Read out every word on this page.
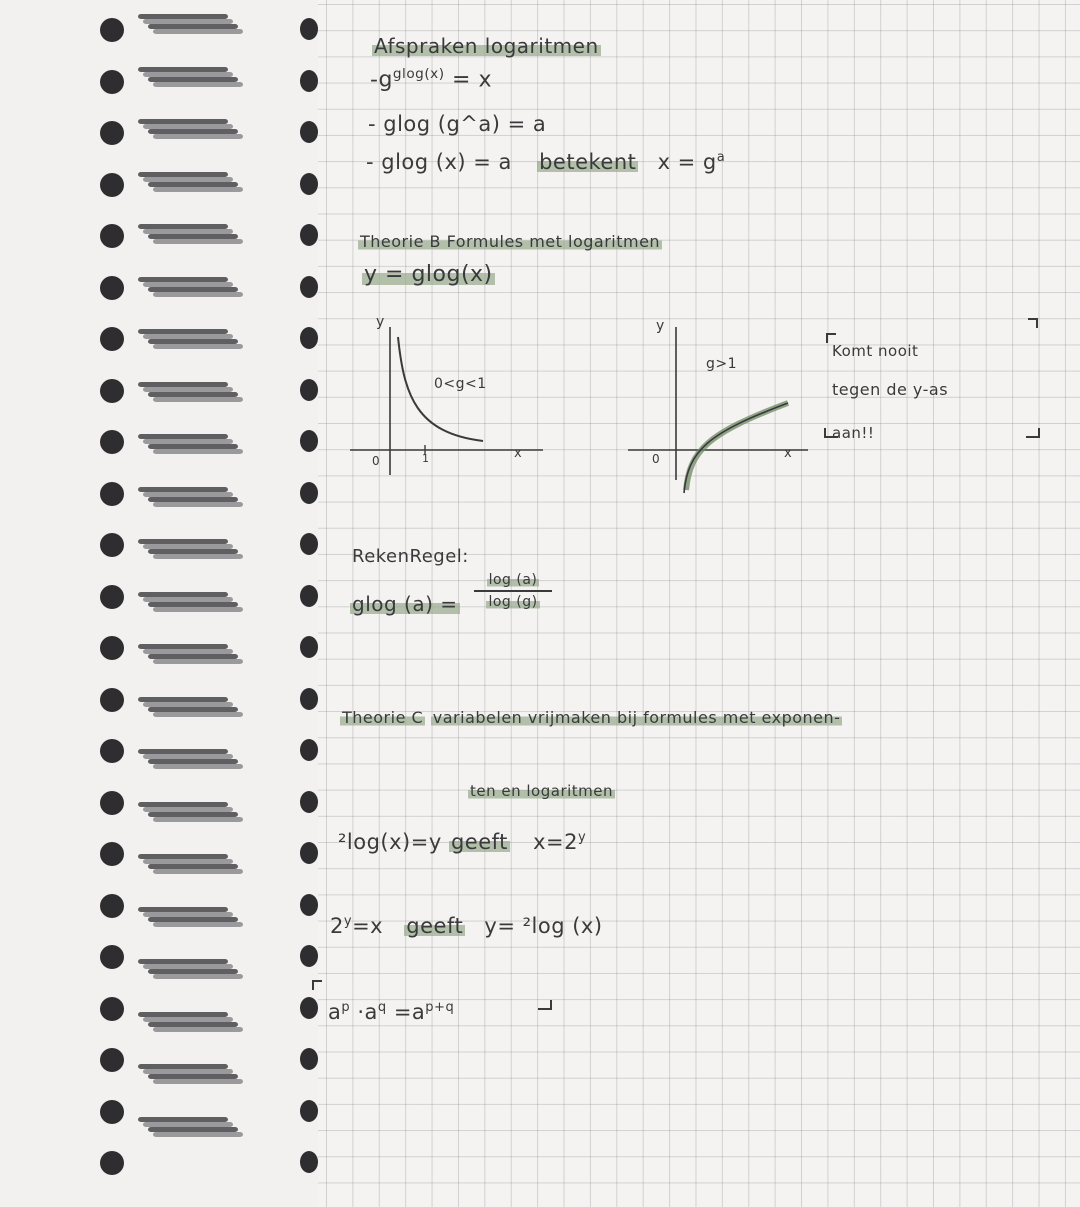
Afspraken logaritmen
$-g^{glog(x)} = x$
- glog (g^a) = a
- glog (x) = a betekent $x = g^a$
Theorie B Formules met logaritmen
y = glog(x)
y
0	1	x
0<g<1
y
0	x
g>1
Komt nooit
tegen de y-as
aan!!
RekenRegel:
glog (a) =
log (a)
log (g)
Theorie C variabelen vrijmaken bij formules met exponen-
ten en logaritmen
²log(x)=y geeft $x=2^y$
$2^y=x$ geeft y= ²log (x)
$a^p \cdot a^q =a^{p+q}$
